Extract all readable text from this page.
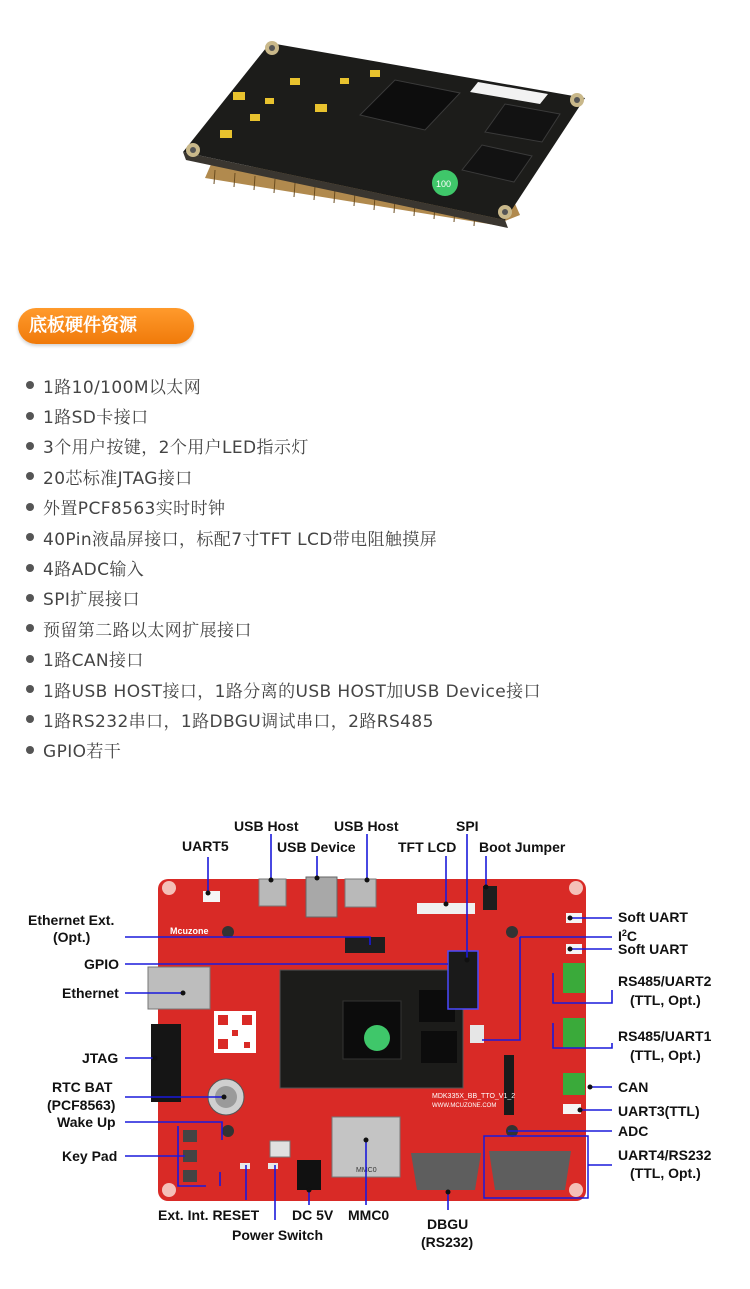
100
底板硬件资源
1路10/100M以太网
1路SD卡接口
3个用户按键，2个用户LED指示灯
20芯标准JTAG接口
外置PCF8563实时时钟
40Pin液晶屏接口，标配7寸TFT LCD带电阻触摸屏
4路ADC输入
SPI扩展接口
预留第二路以太网扩展接口
1路CAN接口
1路USB HOST接口，1路分离的USB HOST加USB Device接口
1路RS232串口，1路DBGU调试串口，2路RS485
GPIO若干
MMC0
Mcuzone
MDK335X_BB_TTO_V1_2
WWW.MCUZONE.COM
UART5
USB Host
USB Device
USB Host
TFT LCD
SPI
Boot Jumper
Ethernet Ext.
(Opt.)
GPIO
Ethernet
JTAG
RTC BAT
(PCF8563)
Wake Up
Key Pad
Ext. Int. RESET
Power Switch
DC 5V MMC0
DBGU
(RS232)
Soft UART
$I^2C$
Soft UART
RS485/UART2
(TTL, Opt.)
RS485/UART1
(TTL, Opt.)
CAN
UART3(TTL)
ADC
UART4/RS232
(TTL, Opt.)
